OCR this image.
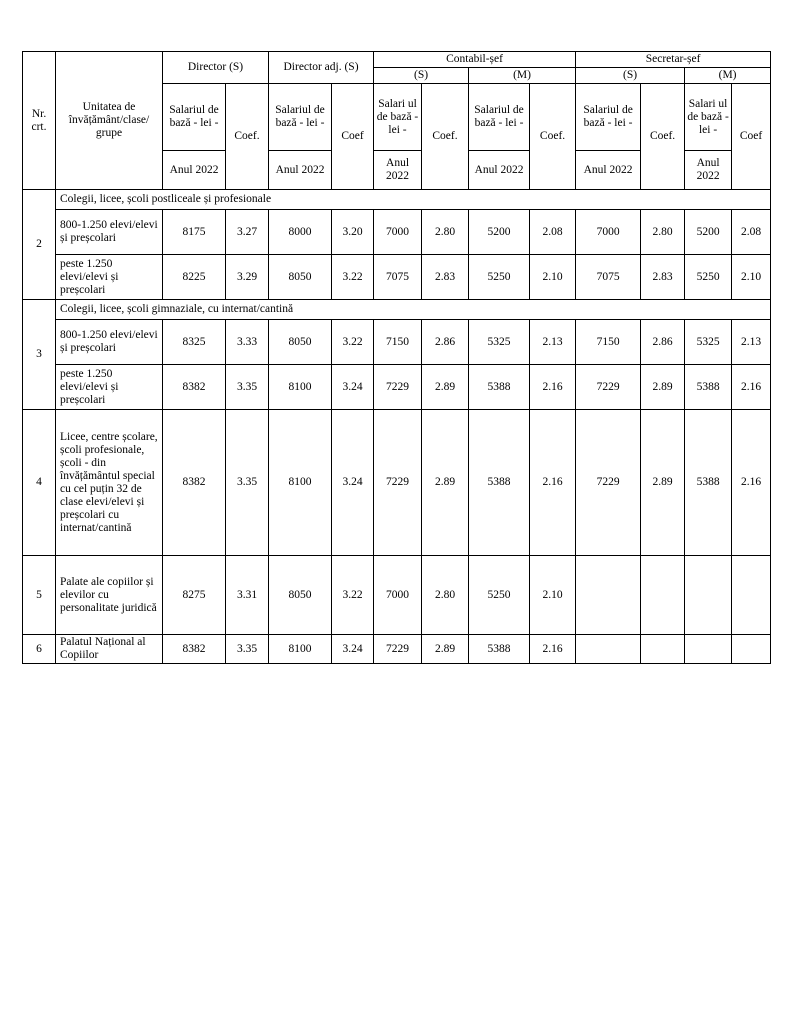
Nr. crt.	Unitatea de învățământ/clase/ grupe	Director (S)		Director adj. (S)		Contabil-șef				Secretar-șef			
						(S)		(M)		(S)		(M)	
		Salariul de bază - lei -	Coef.	Salariul de bază - lei -	Coef	Salari ul de bază - lei -	Coef.	Salariul de bază - lei -	Coef.	Salariul de bază - lei -	Coef.	Salari ul de bază - lei -	Coef
		Anul 2022		Anul 2022		Anul 2022		Anul 2022		Anul 2022		Anul 2022	
2	Colegii, licee, școli postliceale și profesionale												
	800-1.250 elevi/elevi și preșcolari	8175	3.27	8000	3.20	7000	2.80	5200	2.08	7000	2.80	5200	2.08
	peste 1.250 elevi/elevi și preșcolari	8225	3.29	8050	3.22	7075	2.83	5250	2.10	7075	2.83	5250	2.10
3	Colegii, licee, școli gimnaziale, cu internat/cantină												
	800-1.250 elevi/elevi și preșcolari	8325	3.33	8050	3.22	7150	2.86	5325	2.13	7150	2.86	5325	2.13
	peste 1.250 elevi/elevi și preșcolari	8382	3.35	8100	3.24	7229	2.89	5388	2.16	7229	2.89	5388	2.16
4	Licee, centre școlare, școli profesionale, școli - din învățământul special cu cel puțin 32 de clase elevi/elevi și preșcolari cu internat/cantină	8382	3.35	8100	3.24	7229	2.89	5388	2.16	7229	2.89	5388	2.16
5	Palate ale copiilor și elevilor cu personalitate juridică	8275	3.31	8050	3.22	7000	2.80	5250	2.10				
6	Palatul Național al Copiilor	8382	3.35	8100	3.24	7229	2.89	5388	2.16				
